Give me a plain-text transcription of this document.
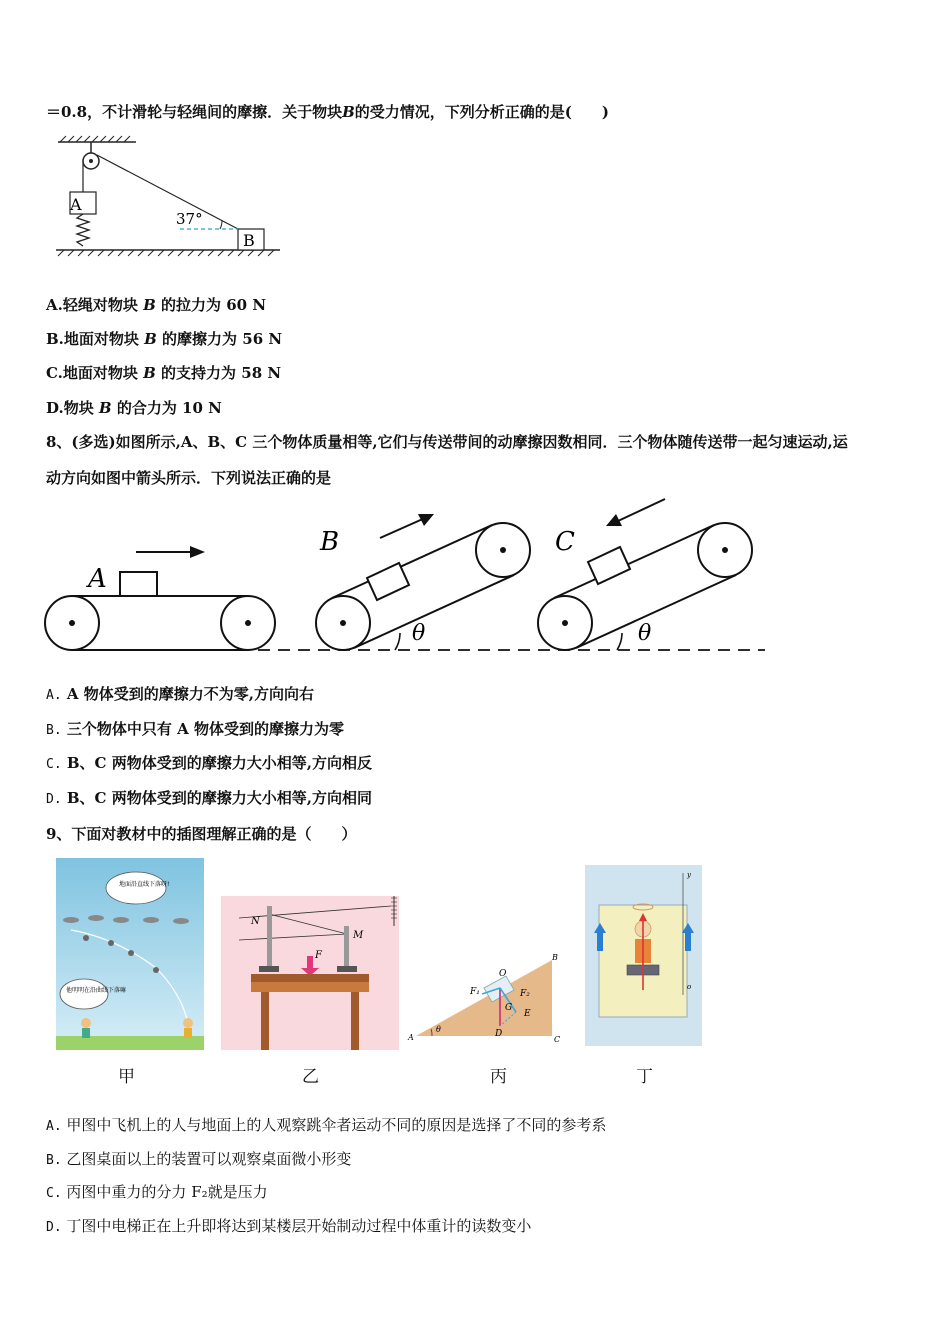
＝0.8，不计滑轮与轻绳间的摩擦．关于物块B的受力情况，下列分析正确的是(　　)
A
B
37°
A.轻绳对物块 B 的拉力为 60 N
B.地面对物块 B 的摩擦力为 56 N
C.地面对物块 B 的支持力为 58 N
D.物块 B 的合力为 10 N
8、(多选)如图所示,A、B、C 三个物体质量相等,它们与传送带间的动摩擦因数相同．三个物体随传送带一起匀速运动,运
动方向如图中箭头所示．下列说法正确的是
A
B
θ
C
θ
A. A 物体受到的摩擦力不为零,方向向右
B. 三个物体中只有 A 物体受到的摩擦力为零
C. B、C 两物体受到的摩擦力大小相等,方向相反
D. B、C 两物体受到的摩擦力大小相等,方向相同
9、下面对教材中的插图理解正确的是（　　）
地面沿直线下落呀!
他明明在沿曲线下落嘛
甲
N
M
F
乙
A
B
C
O
F₁	F₂
G
D
E
θ
丙
y
o
丁
A. 甲图中飞机上的人与地面上的人观察跳伞者运动不同的原因是选择了不同的参考系
B. 乙图桌面以上的装置可以观察桌面微小形变
C. 丙图中重力的分力 F₂就是压力
D. 丁图中电梯正在上升即将达到某楼层开始制动过程中体重计的读数变小
